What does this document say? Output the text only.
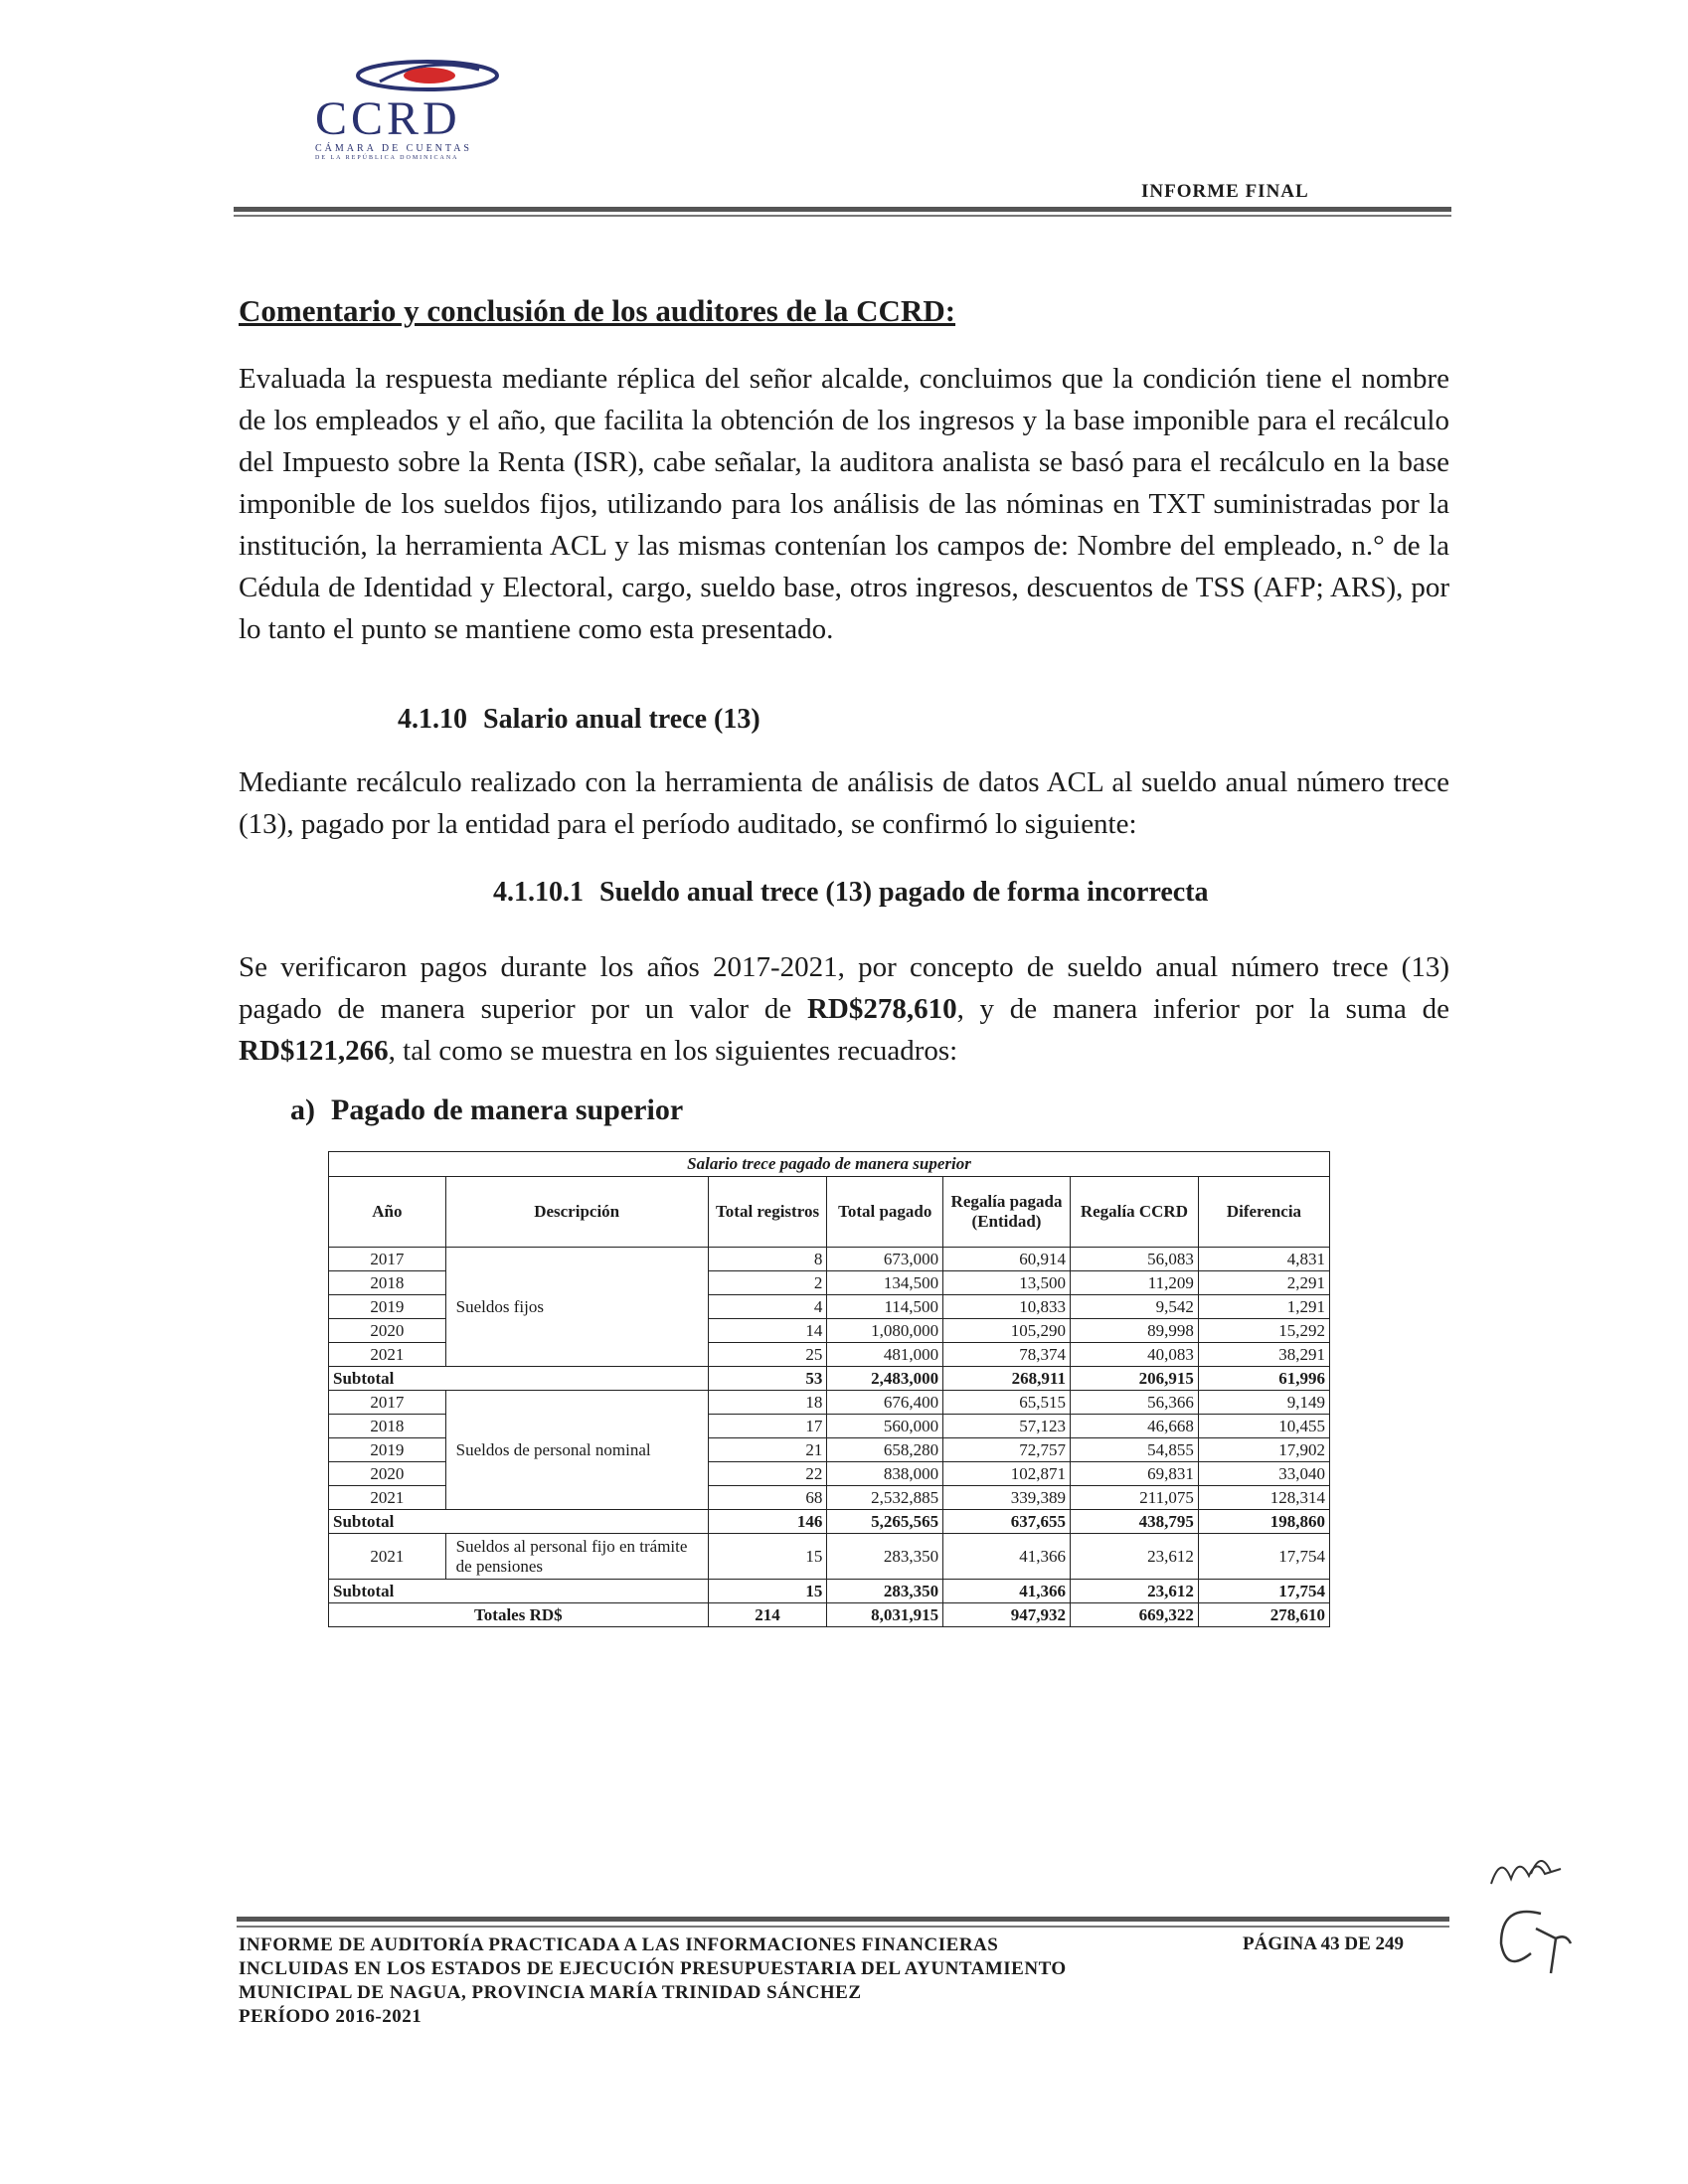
CCRD
CÁMARA DE CUENTAS
DE LA REPÚBLICA DOMINICANA
INFORME FINAL
Comentario y conclusión de los auditores de la CCRD:
Evaluada la respuesta mediante réplica del señor alcalde, concluimos que la condición tiene el nombre de los empleados y el año, que facilita la obtención de los ingresos y la base imponible para el recálculo del Impuesto sobre la Renta (ISR), cabe señalar, la auditora analista se basó para el recálculo en la base imponible de los sueldos fijos, utilizando para los análisis de las nóminas en TXT suministradas por la institución, la herramienta ACL y las mismas contenían los campos de: Nombre del empleado, n.° de la Cédula de Identidad y Electoral, cargo, sueldo base, otros ingresos, descuentos de TSS (AFP; ARS), por lo tanto el punto se mantiene como esta presentado.
4.1.10 Salario anual trece (13)
Mediante recálculo realizado con la herramienta de análisis de datos ACL al sueldo anual número trece (13), pagado por la entidad para el período auditado, se confirmó lo siguiente:
4.1.10.1 Sueldo anual trece (13) pagado de forma incorrecta
Se verificaron pagos durante los años 2017-2021, por concepto de sueldo anual número trece (13) pagado de manera superior por un valor de RD$278,610, y de manera inferior por la suma de RD$121,266, tal como se muestra en los siguientes recuadros:
a) Pagado de manera superior
Salario trece pagado de manera superior						
Año	Descripción	Total registros	Total pagado	Regalía pagada (Entidad)	Regalía CCRD	Diferencia
2017	Sueldos fijos	8	673,000	60,914	56,083	4,831
2018		2	134,500	13,500	11,209	2,291
2019		4	114,500	10,833	9,542	1,291
2020		14	1,080,000	105,290	89,998	15,292
2021		25	481,000	78,374	40,083	38,291
Subtotal		53	2,483,000	268,911	206,915	61,996
2017	Sueldos de personal nominal	18	676,400	65,515	56,366	9,149
2018		17	560,000	57,123	46,668	10,455
2019		21	658,280	72,757	54,855	17,902
2020		22	838,000	102,871	69,831	33,040
2021		68	2,532,885	339,389	211,075	128,314
Subtotal		146	5,265,565	637,655	438,795	198,860
2021	Sueldos al personal fijo en trámite de pensiones	15	283,350	41,366	23,612	17,754
Subtotal		15	283,350	41,366	23,612	17,754
Totales RD$		214	8,031,915	947,932	669,322	278,610
INFORME DE AUDITORÍA PRACTICADA A LAS INFORMACIONES FINANCIERAS
INCLUIDAS EN LOS ESTADOS DE EJECUCIÓN PRESUPUESTARIA DEL AYUNTAMIENTO
MUNICIPAL DE NAGUA, PROVINCIA MARÍA TRINIDAD SÁNCHEZ
PERÍODO 2016-2021
PÁGINA 43 DE 249
